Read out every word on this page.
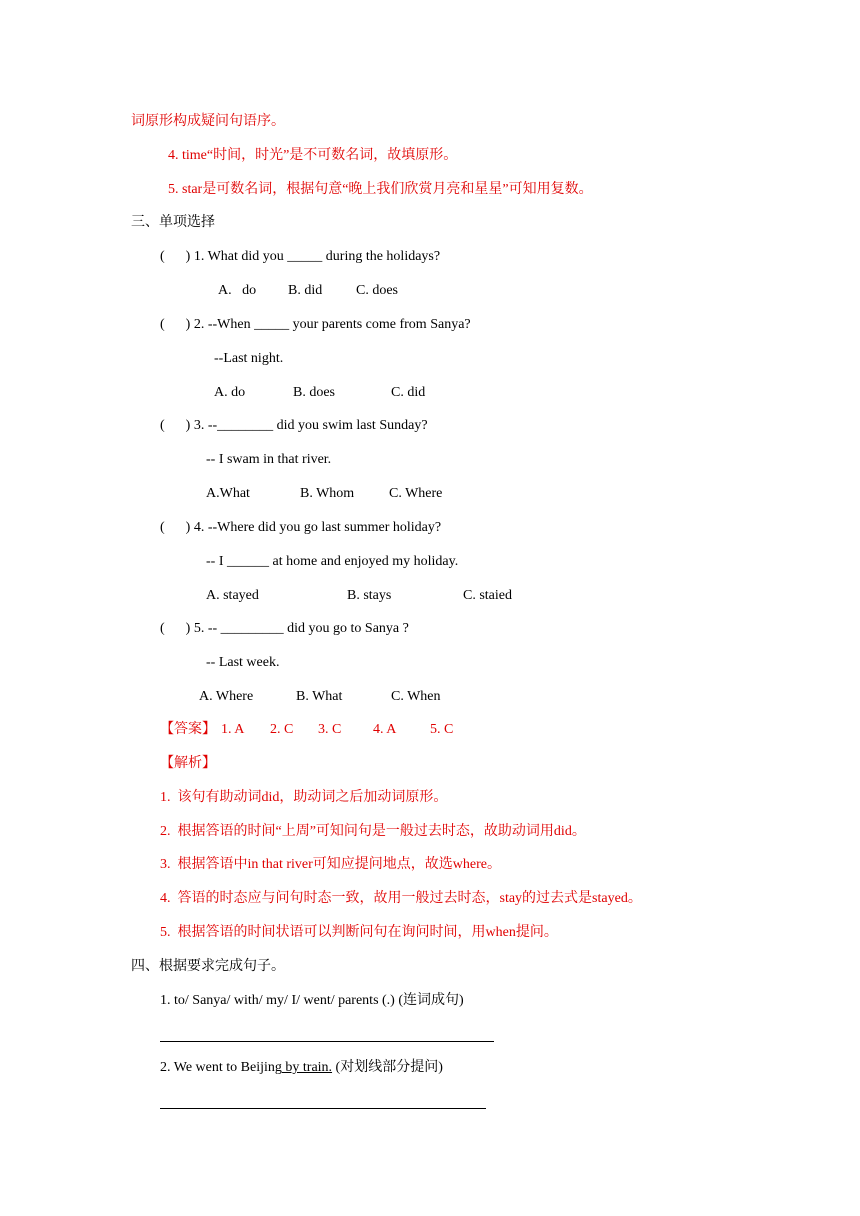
词原形构成疑问句语序。
4. time“时间，时光”是不可数名词，故填原形。
5. star是可数名词，根据句意“晚上我们欣赏月亮和星星”可知用复数。
三、单项选择
(      ) 1. What did you _____ during the holidays?
A.   do B. did C. does
(      ) 2. --When _____ your parents come from Sanya?
--Last night.
A. do	B. does	C. did
(      ) 3. --________ did you swim last Sunday?
-- I swam in that river.
A.What	B. Whom C. Where
(      ) 4. --Where did you go last summer holiday?
-- I ______ at home and enjoyed my holiday.
A. stayed	B. stays	C. staied
(      ) 5. -- _________ did you go to Sanya ?
-- Last week.
A. Where	B. What	C. When
【答案】 1. A 2. C 3. C 4. A 5. C
【解析】
1.  该句有助动词did，助动词之后加动词原形。
2.  根据答语的时间“上周”可知问句是一般过去时态，故助动词用did。
3.  根据答语中in that river可知应提问地点，故选where。
4.  答语的时态应与问句时态一致，故用一般过去时态，stay的过去式是stayed。
5.  根据答语的时间状语可以判断问句在询问时间，用when提问。
四、根据要求完成句子。
1. to/ Sanya/ with/ my/ I/ went/ parents (.) (连词成句)
2. We went to Beijing by train. (对划线部分提问)
